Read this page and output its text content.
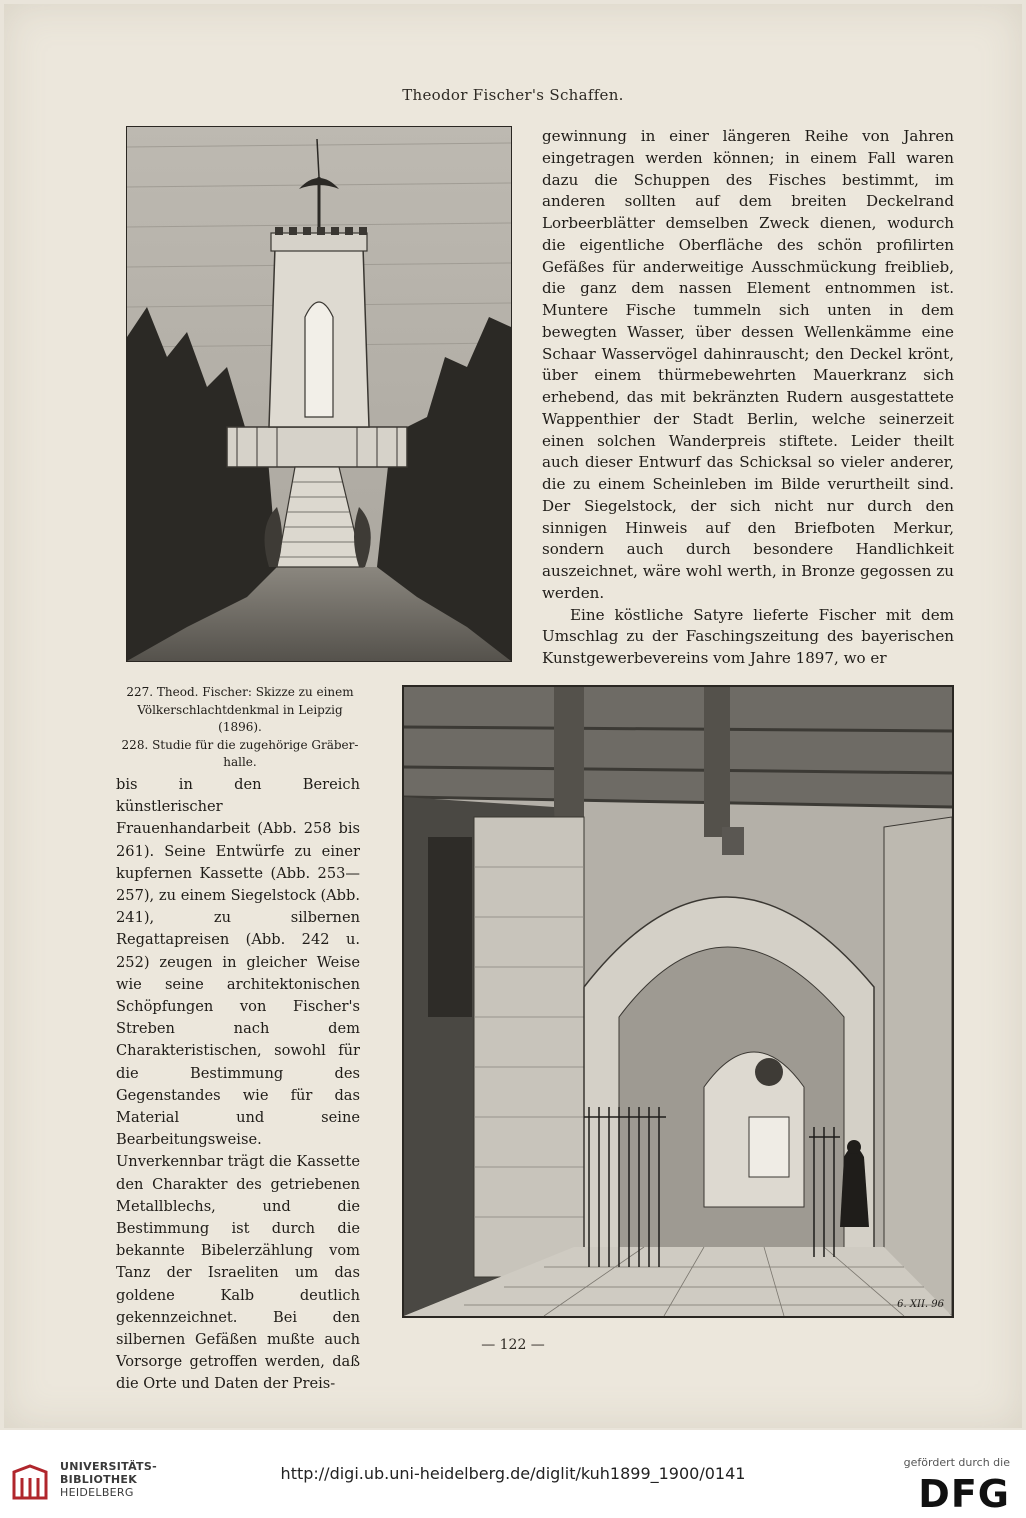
Theodor Fischer's Schaffen.

gewinnung in einer längeren Reihe von Jahren eingetragen werden können; in einem Fall waren dazu die Schuppen des Fisches bestimmt, im anderen sollten auf dem breiten Deckelrand Lorbeerblätter demselben Zweck dienen, wodurch die eigentliche Oberfläche des schön profilirten Gefäßes für anderweitige Ausschmückung freiblieb, die ganz dem nassen Element entnommen ist. Muntere Fische tummeln sich unten in dem bewegten Wasser, über dessen Wellenkämme eine Schaar Wasservögel dahinrauscht; den Deckel krönt, über einem thürmebewehrten Mauerkranz sich erhebend, das mit bekränzten Rudern ausgestattete Wappenthier der Stadt Berlin, welche seinerzeit einen solchen Wanderpreis stiftete. Leider theilt auch dieser Entwurf das Schicksal so vieler anderer, die zu einem Scheinleben im Bilde verurtheilt sind. Der Siegelstock, der sich nicht nur durch den sinnigen Hinweis auf den Briefboten Merkur, sondern auch durch besondere Handlichkeit auszeichnet, wäre wohl werth, in Bronze gegossen zu werden.

Eine köstliche Satyre lieferte Fischer mit dem Umschlag zu der Faschingszeitung des bayerischen Kunstgewerbevereins vom Jahre 1897, wo er

227. Theod. Fischer: Skizze zu einem
Völkerschlachtdenkmal in Leipzig (1896).
228. Studie für die zugehörige Gräber-
halle.

bis in den Bereich künstlerischer Frauenhandarbeit (Abb. 258 bis 261). Seine Entwürfe zu einer kupfernen Kassette (Abb. 253—257), zu einem Siegelstock (Abb. 241), zu silbernen Regattapreisen (Abb. 242 u. 252) zeugen in gleicher Weise wie seine architektonischen Schöpfungen von Fischer's Streben nach dem Charakteristischen, sowohl für die Bestimmung des Gegenstandes wie für das Material und seine Bearbeitungsweise. Unverkennbar trägt die Kassette den Charakter des getriebenen Metallblechs, und die Bestimmung ist durch die bekannte Bibelerzählung vom Tanz der Israeliten um das goldene Kalb deutlich gekennzeichnet. Bei den silbernen Gefäßen mußte auch Vorsorge getroffen werden, daß die Orte und Daten der Preis-

6. XII. 96
— 122 —
UNIVERSITÄTS-
BIBLIOTHEK
HEIDELBERG
http://digi.ub.uni-heidelberg.de/diglit/kuh1899_1900/0141
gefördert durch die
DFG
